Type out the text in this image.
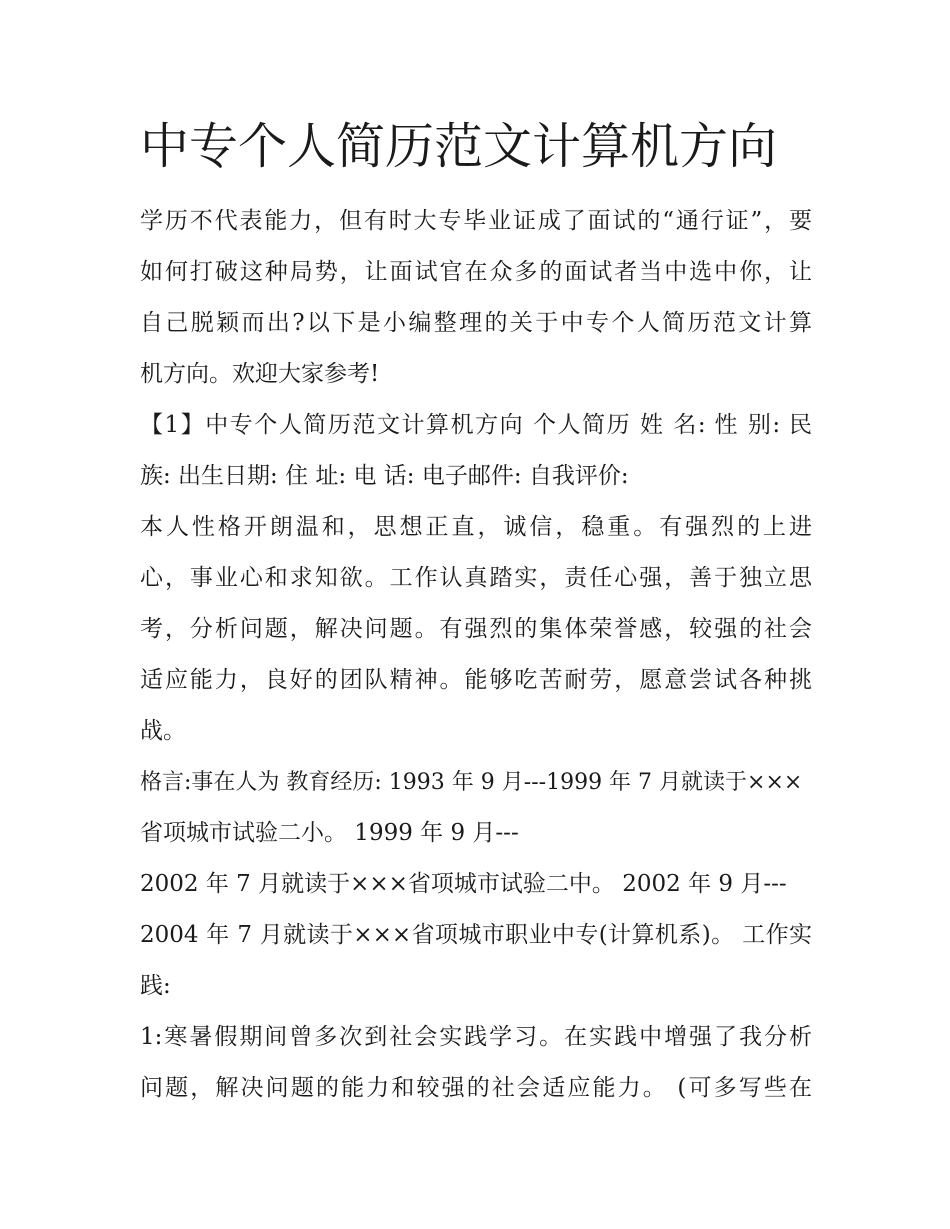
中专个人简历范文计算机方向
学历不代表能力，但有时大专毕业证成了面试的“通行证”，要
如何打破这种局势，让面试官在众多的面试者当中选中你，让
自己脱颖而出?以下是小编整理的关于中专个人简历范文计算
机方向。欢迎大家参考!
【1】中专个人简历范文计算机方向 个人简历 姓 名: 性 别: 民
族: 出生日期: 住 址: 电 话: 电子邮件: 自我评价:
本人性格开朗温和，思想正直，诚信，稳重。有强烈的上进
心，事业心和求知欲。工作认真踏实，责任心强，善于独立思
考，分析问题，解决问题。有强烈的集体荣誉感，较强的社会
适应能力，良好的团队精神。能够吃苦耐劳，愿意尝试各种挑
战。
格言:事在人为 教育经历: 1993 年 9 月---1999 年 7 月就读于×××
省项城市试验二小。 1999 年 9 月---
2002 年 7 月就读于×××省项城市试验二中。 2002 年 9 月---
2004 年 7 月就读于×××省项城市职业中专(计算机系)。 工作实
践:
1:寒暑假期间曾多次到社会实践学习。在实践中增强了我分析
问题，解决问题的能力和较强的社会适应能力。 (可多写些在
